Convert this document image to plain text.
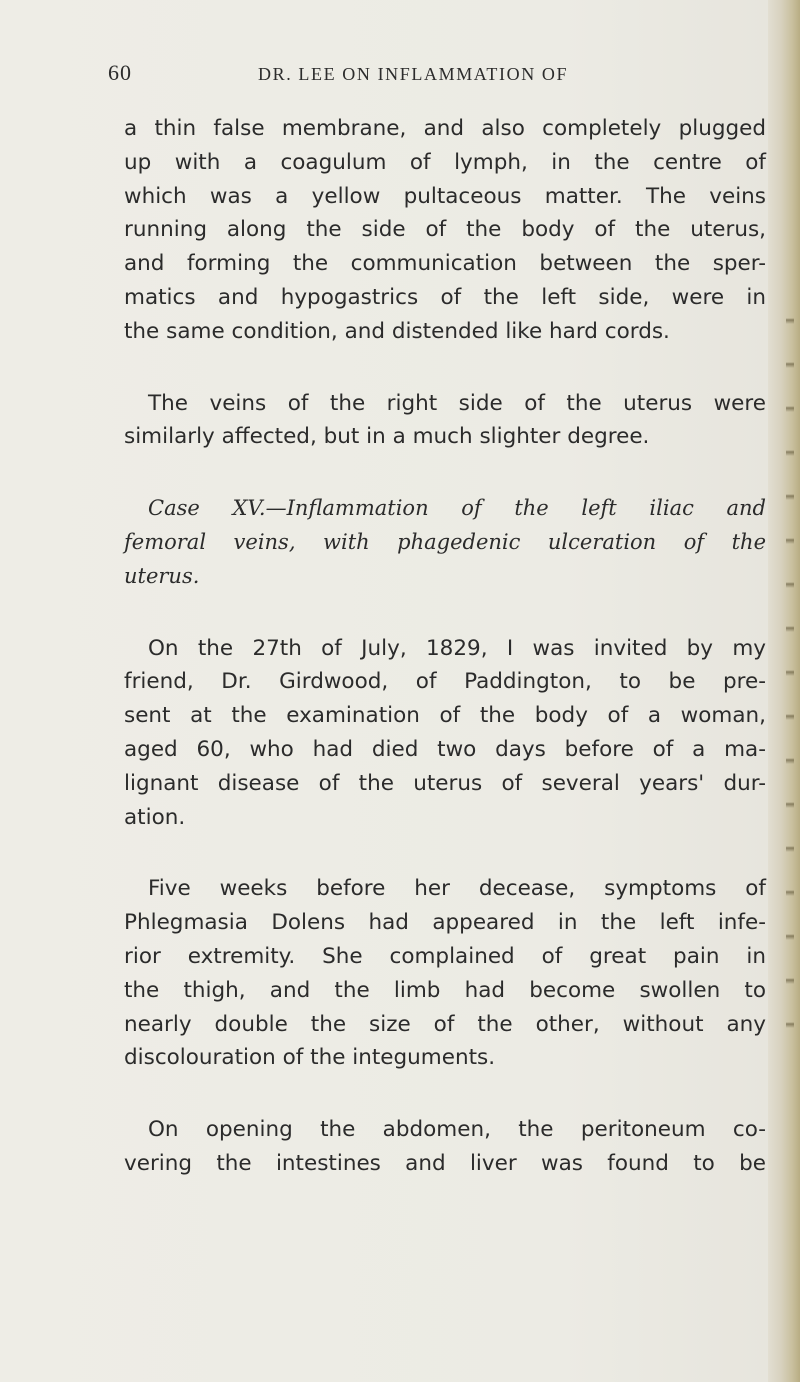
60	DR. LEE ON INFLAMMATION OF
a thin false membrane, and also completely plugged
up with a coagulum of lymph, in the centre of
which was a yellow pultaceous matter. The veins
running along the side of the body of the uterus,
and forming the communication between the sper-
matics and hypogastrics of the left side, were in
the same condition, and distended like hard cords.
The veins of the right side of the uterus were
similarly affected, but in a much slighter degree.
Case XV.—Inflammation of the left iliac and
femoral veins, with phagedenic ulceration of the
uterus.
On the 27th of July, 1829, I was invited by my
friend, Dr. Girdwood, of Paddington, to be pre-
sent at the examination of the body of a woman,
aged 60, who had died two days before of a ma-
lignant disease of the uterus of several years' dur-
ation.
Five weeks before her decease, symptoms of
Phlegmasia Dolens had appeared in the left infe-
rior extremity. She complained of great pain in
the thigh, and the limb had become swollen to
nearly double the size of the other, without any
discolouration of the integuments.
On opening the abdomen, the peritoneum co-
vering the intestines and liver was found to be
